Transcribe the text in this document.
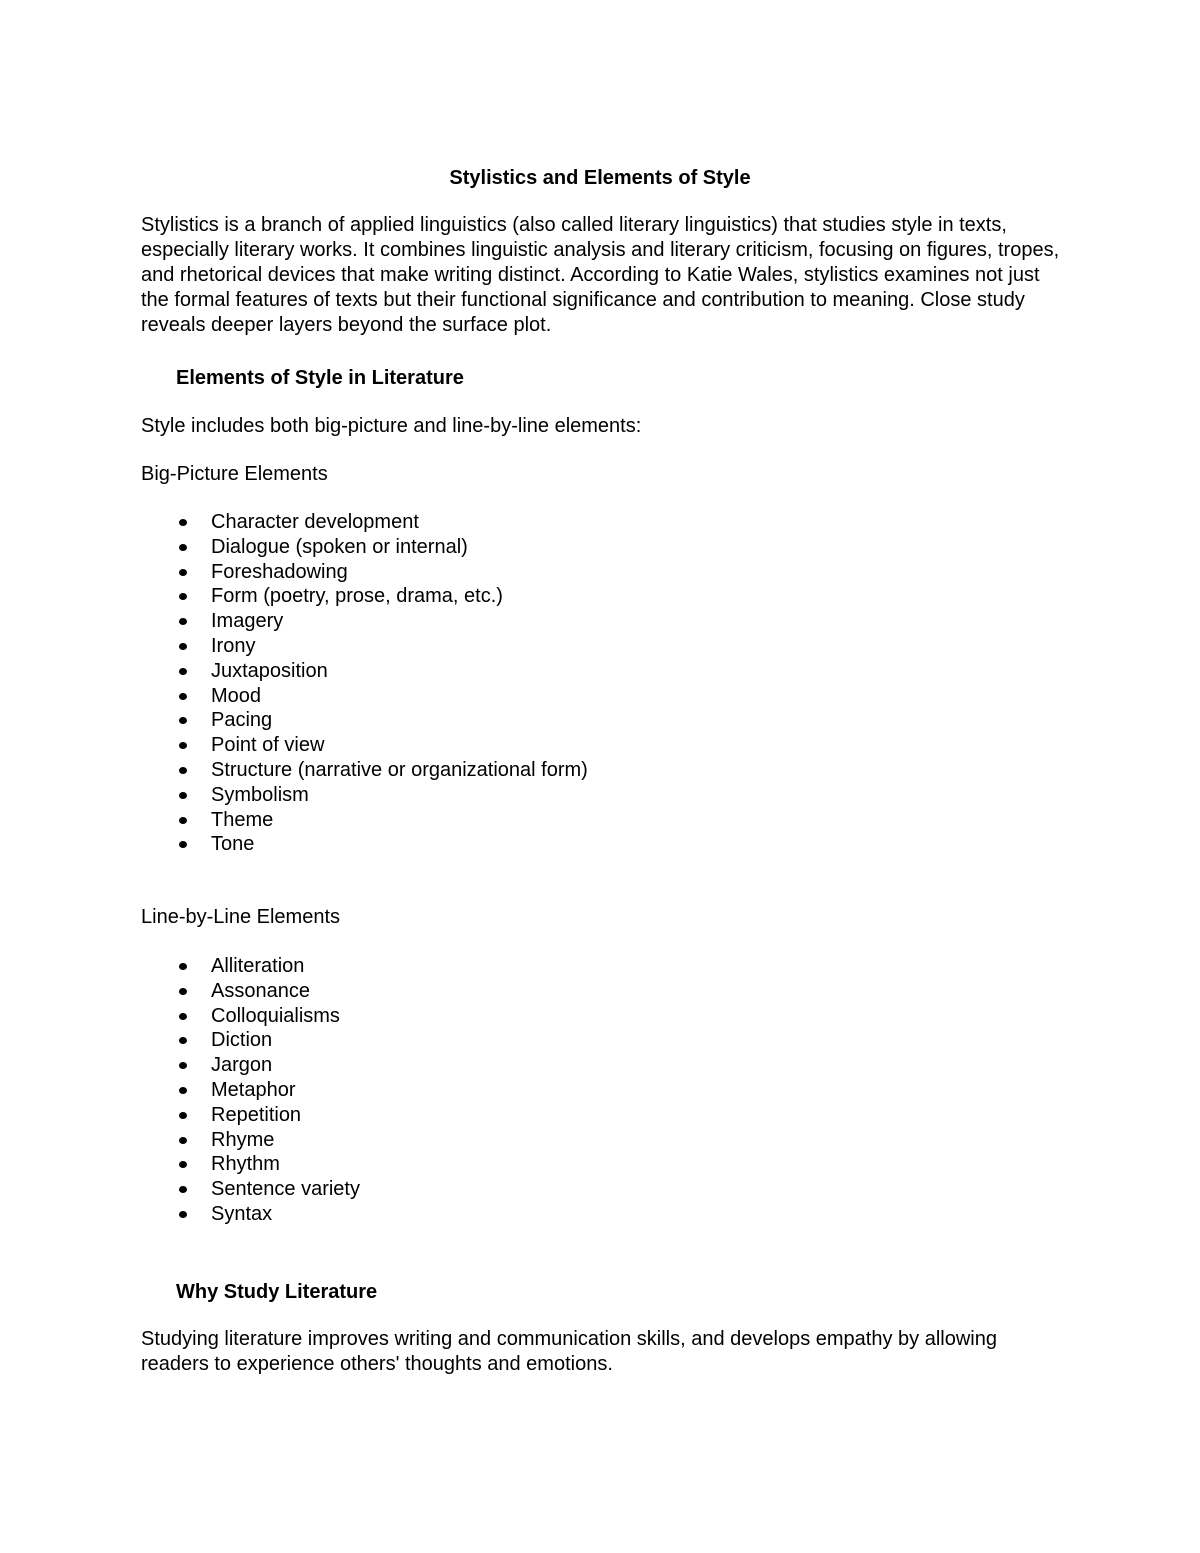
Stylistics and Elements of Style
Stylistics is a branch of applied linguistics (also called literary linguistics) that studies style in texts, especially literary works. It combines linguistic analysis and literary criticism, focusing on figures, tropes, and rhetorical devices that make writing distinct. According to Katie Wales, stylistics examines not just the formal features of texts but their functional significance and contribution to meaning. Close study reveals deeper layers beyond the surface plot.
Elements of Style in Literature
Style includes both big-picture and line-by-line elements:
Big-Picture Elements
Character development
Dialogue (spoken or internal)
Foreshadowing
Form (poetry, prose, drama, etc.)
Imagery
Irony
Juxtaposition
Mood
Pacing
Point of view
Structure (narrative or organizational form)
Symbolism
Theme
Tone
Line-by-Line Elements
Alliteration
Assonance
Colloquialisms
Diction
Jargon
Metaphor
Repetition
Rhyme
Rhythm
Sentence variety
Syntax
Why Study Literature
Studying literature improves writing and communication skills, and develops empathy by allowing readers to experience others' thoughts and emotions.
